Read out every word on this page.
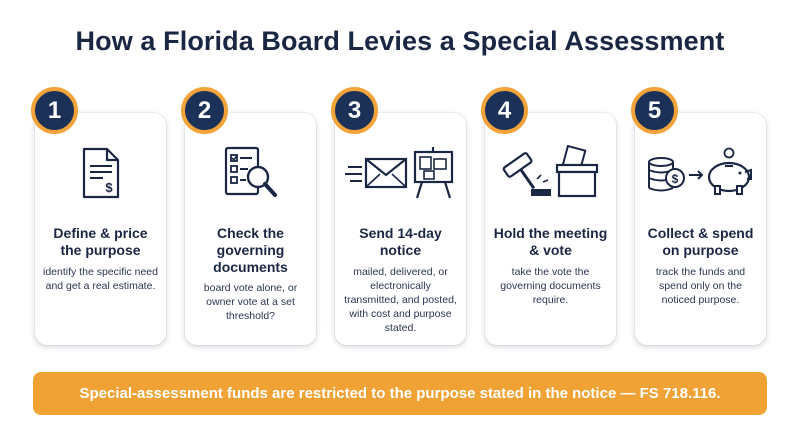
How a Florida Board Levies a Special Assessment
1
$
Define & price the purpose
identify the specific need and get a real estimate.
2
Check the governing documents
board vote alone, or owner vote at a set threshold?
3
Send 14-day notice
mailed, delivered, or electronically transmitted, and posted, with cost and purpose stated.
4
Hold the meeting & vote
take the vote the governing documents require.
5
$
Collect & spend on purpose
track the funds and spend only on the noticed purpose.
Special-assessment funds are restricted to the purpose stated in the notice — FS 718.116.
